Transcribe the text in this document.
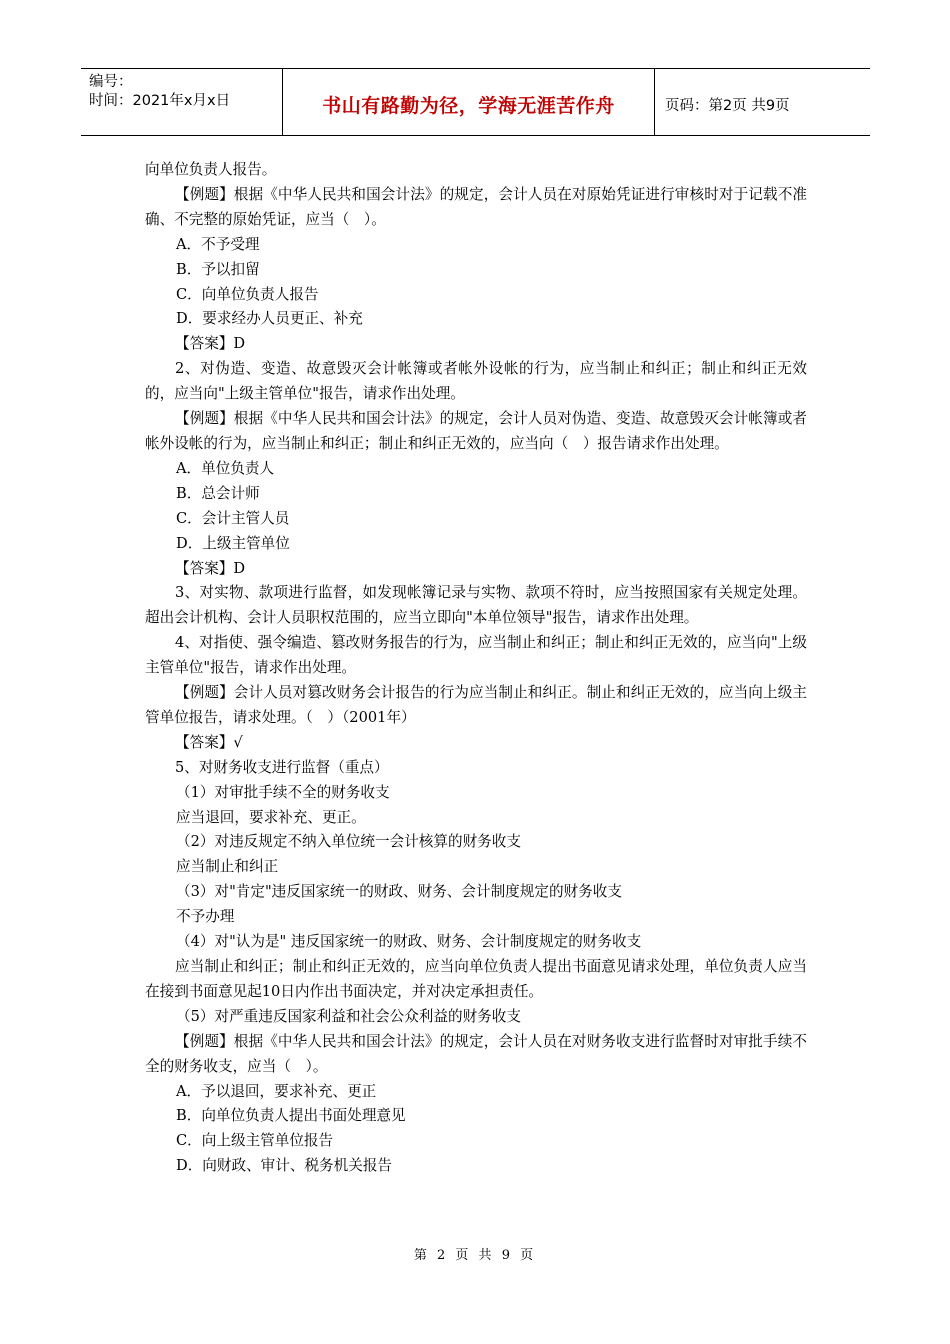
编号：
时间：2021年x月x日	书山有路勤为径，学海无涯苦作舟	页码：第2页 共9页

向单位负责人报告。

【例题】根据《中华人民共和国会计法》的规定，会计人员在对原始凭证进行审核时对于记载不准确、不完整的原始凭证，应当（　）。

A．不予受理

B．予以扣留

C．向单位负责人报告

D．要求经办人员更正、补充

【答案】D

2、对伪造、变造、故意毁灭会计帐簿或者帐外设帐的行为，应当制止和纠正；制止和纠正无效的，应当向"上级主管单位"报告，请求作出处理。

【例题】根据《中华人民共和国会计法》的规定，会计人员对伪造、变造、故意毁灭会计帐簿或者帐外设帐的行为，应当制止和纠正；制止和纠正无效的，应当向（　）报告请求作出处理。

A．单位负责人

B．总会计师

C．会计主管人员

D．上级主管单位

【答案】D

3、对实物、款项进行监督，如发现帐簿记录与实物、款项不符时，应当按照国家有关规定处理。超出会计机构、会计人员职权范围的，应当立即向"本单位领导"报告，请求作出处理。

4、对指使、强令编造、篡改财务报告的行为，应当制止和纠正；制止和纠正无效的，应当向"上级主管单位"报告，请求作出处理。

【例题】会计人员对篡改财务会计报告的行为应当制止和纠正。制止和纠正无效的，应当向上级主管单位报告，请求处理。（　）（2001年）

【答案】√

5、对财务收支进行监督（重点）

（1）对审批手续不全的财务收支

应当退回，要求补充、更正。

（2）对违反规定不纳入单位统一会计核算的财务收支

应当制止和纠正

（3）对"肯定"违反国家统一的财政、财务、会计制度规定的财务收支

不予办理

（4）对"认为是" 违反国家统一的财政、财务、会计制度规定的财务收支

应当制止和纠正；制止和纠正无效的，应当向单位负责人提出书面意见请求处理，单位负责人应当在接到书面意见起10日内作出书面决定，并对决定承担责任。

（5）对严重违反国家利益和社会公众利益的财务收支

【例题】根据《中华人民共和国会计法》的规定，会计人员在对财务收支进行监督时对审批手续不全的财务收支，应当（　）。

A．予以退回，要求补充、更正

B．向单位负责人提出书面处理意见

C．向上级主管单位报告

D．向财政、审计、税务机关报告

第 2 页 共 9 页
